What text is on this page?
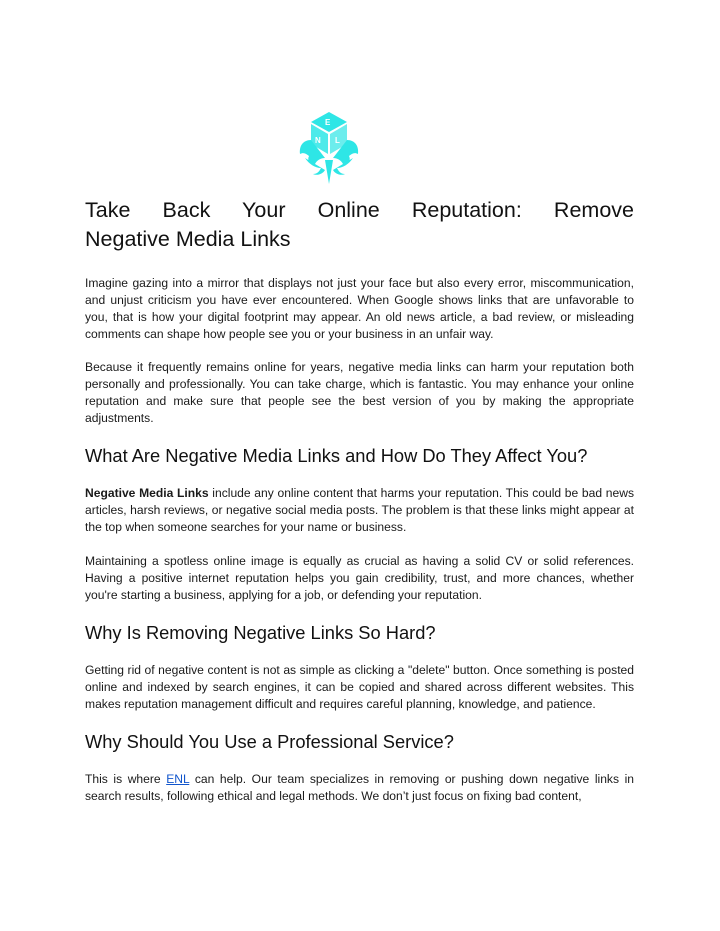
E
N L
Take Back Your Online Reputation: Remove
Negative Media Links

Imagine gazing into a mirror that displays not just your face but also every error, miscommunication, and unjust criticism you have ever encountered. When Google shows links that are unfavorable to you, that is how your digital footprint may appear. An old news article, a bad review, or misleading comments can shape how people see you or your business in an unfair way.

Because it frequently remains online for years, negative media links can harm your reputation both personally and professionally. You can take charge, which is fantastic. You may enhance your online reputation and make sure that people see the best version of you by making the appropriate adjustments.

What Are Negative Media Links and How Do They Affect You?

Negative Media Links include any online content that harms your reputation. This could be bad news articles, harsh reviews, or negative social media posts. The problem is that these links might appear at the top when someone searches for your name or business.

Maintaining a spotless online image is equally as crucial as having a solid CV or solid references. Having a positive internet reputation helps you gain credibility, trust, and more chances, whether you're starting a business, applying for a job, or defending your reputation.

Why Is Removing Negative Links So Hard?

Getting rid of negative content is not as simple as clicking a "delete" button. Once something is posted online and indexed by search engines, it can be copied and shared across different websites. This makes reputation management difficult and requires careful planning, knowledge, and patience.

Why Should You Use a Professional Service?

This is where ENL can help. Our team specializes in removing or pushing down negative links in search results, following ethical and legal methods. We don’t just focus on fixing bad content,
